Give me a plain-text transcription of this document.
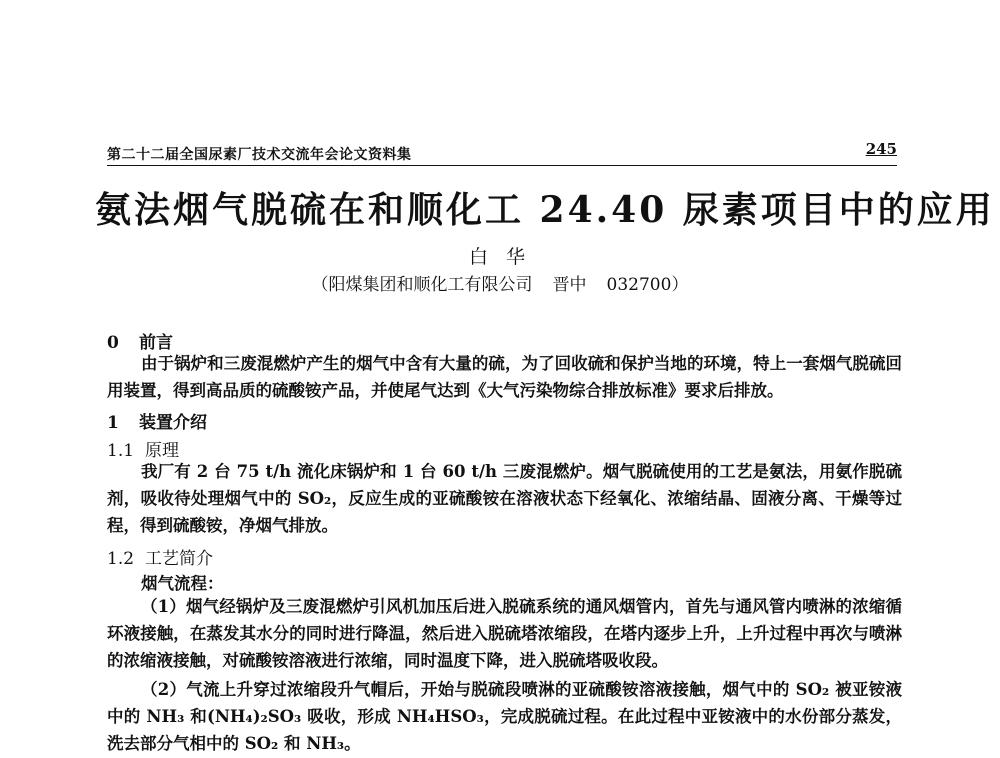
第二十二届全国尿素厂技术交流年会论文资料集	245
氨法烟气脱硫在和顺化工 24.40 尿素项目中的应用
白 华
（阳煤集团和顺化工有限公司 晋中 032700）
0 前言

由于锅炉和三废混燃炉产生的烟气中含有大量的硫，为了回收硫和保护当地的环境，特上一套烟气脱硫回用装置，得到高品质的硫酸铵产品，并使尾气达到《大气污染物综合排放标准》要求后排放。

1 装置介绍
1.1 原理

我厂有 2 台 75 t/h 流化床锅炉和 1 台 60 t/h 三废混燃炉。烟气脱硫使用的工艺是氨法，用氨作脱硫剂，吸收待处理烟气中的 SO₂，反应生成的亚硫酸铵在溶液状态下经氧化、浓缩结晶、固液分离、干燥等过程，得到硫酸铵，净烟气排放。

1.2 工艺简介
烟气流程：

（1）烟气经锅炉及三废混燃炉引风机加压后进入脱硫系统的通风烟管内，首先与通风管内喷淋的浓缩循环液接触，在蒸发其水分的同时进行降温，然后进入脱硫塔浓缩段，在塔内逐步上升，上升过程中再次与喷淋的浓缩液接触，对硫酸铵溶液进行浓缩，同时温度下降，进入脱硫塔吸收段。

（2）气流上升穿过浓缩段升气帽后，开始与脱硫段喷淋的亚硫酸铵溶液接触，烟气中的 SO₂ 被亚铵液中的 NH₃ 和(NH₄)₂SO₃ 吸收，形成 NH₄HSO₃，完成脱硫过程。在此过程中亚铵液中的水份部分蒸发，洗去部分气相中的 SO₂ 和 NH₃。
